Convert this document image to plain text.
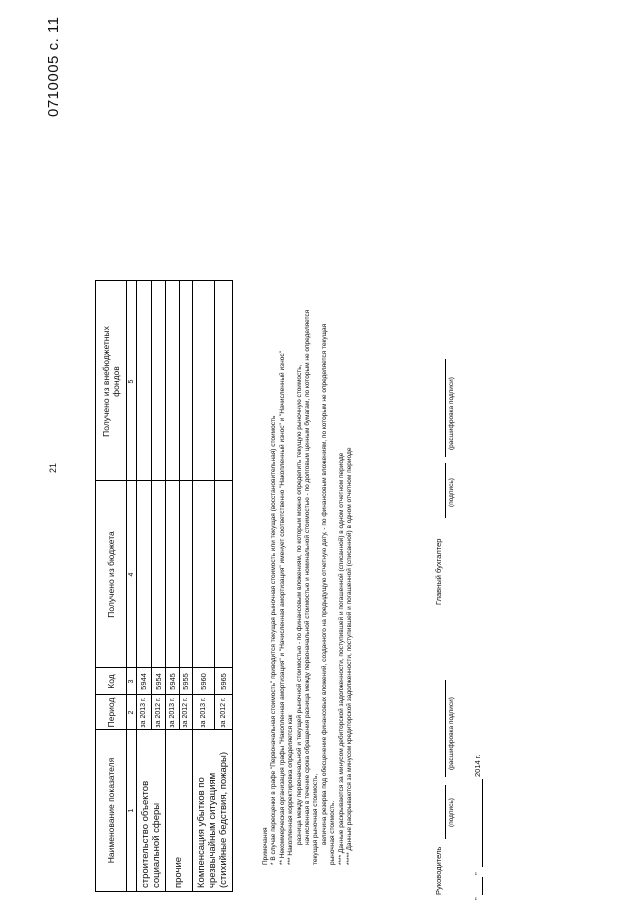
0710005 с. 11
21
Наименование показателя
Период
Код
Получено из бюджета
Получено из внебюджетных фондов
1
2
3
4
5
строительство объектов социальной сферы
за 2013 г.
5944
за 2012 г.
5954
прочие
за 2013 г.
5945
за 2012 г.
5955
Компенсация убытков по чрезвычайным ситуациям (стихийные бедствия, пожары)
за 2013 г.
5960
за 2012 г.
5965
Примечания * В случае переоценки в графе "Первоначальная стоимость" приводится текущая рыночная стоимость или текущая (восстановительная) стоимость ** Некоммерческая организация графы "Накопленная амортизация" и "Начисленная амортизация" именует соответственно "Накопленный износ" и "Начисленный износ" *** Накопленная корректировка определяется как разница между первоначальной и текущей рыночной стоимостью - по финансовым вложениям, по которым можно определить текущую рыночную стоимость, начисленная в течение срока обращения разница между первоначальной стоимостью и номинальной стоимостью - по долговым ценным бумагам, по которым не определяется текущая рыночная стоимость, величина резерва под обесценение финансовых вложений, созданного на предыдущую отчетную дату, - по финансовым вложениям, по которым не определяется текущая рыночная стоимость. **** Данные раскрываются за минусом дебиторской задолженности, поступившей и погашенной (списанной) в одном отчетном периоде ***** Данные раскрываются за минусом кредиторской задолженности, поступившей и погашенной (списанной) в одном отчетном периоде
Руководитель
(подпись)
(расшифровка подписи)
Главный бухгалтер
(подпись)
(расшифровка подписи)
"
"
2014 г.
